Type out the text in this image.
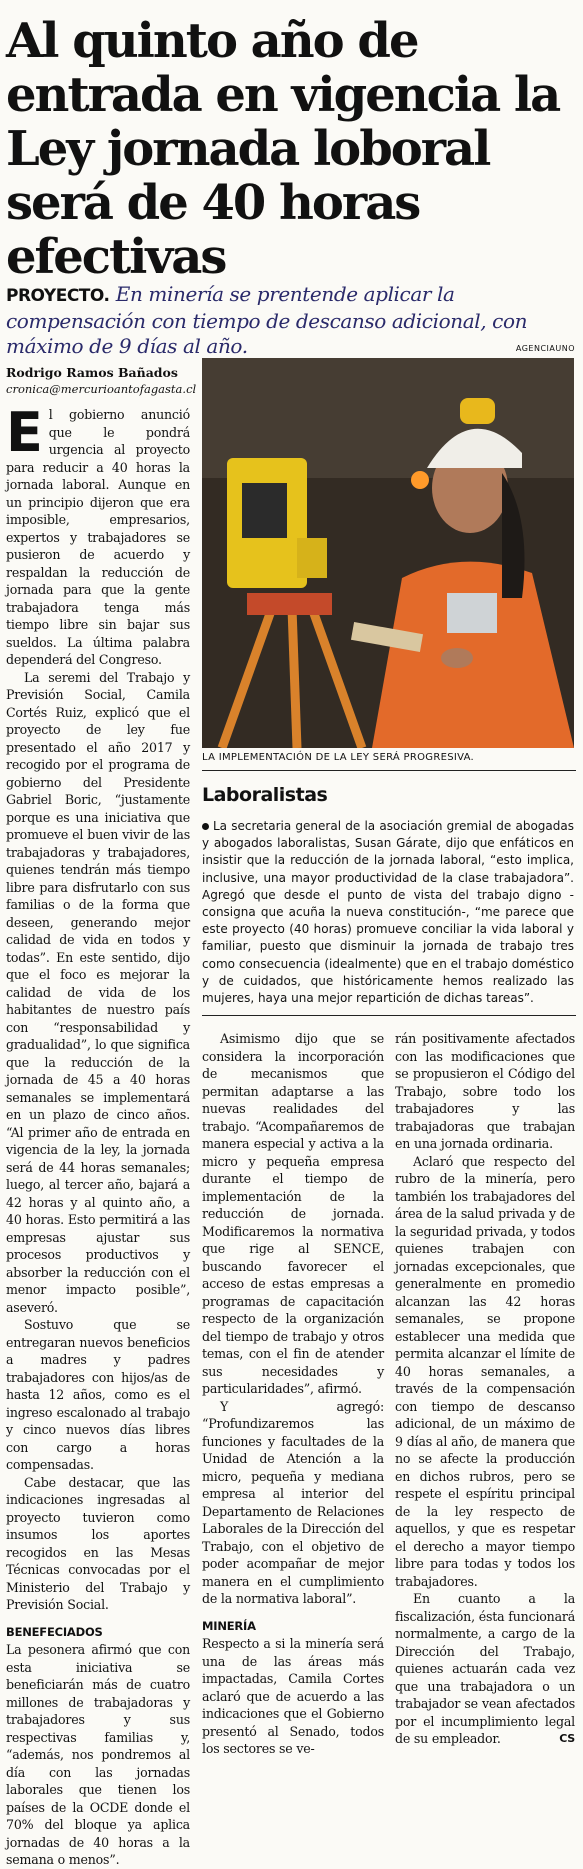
Al quinto año de entrada en vigencia la Ley jornada loboral será de 40 horas efectivas
PROYECTO. En minería se prentende aplicar la compensación con tiempo de descanso adicional, con máximo de 9 días al año.
Rodrigo Ramos Bañados
cronica@mercurioantofagasta.cl
AGENCIAUNO
LA IMPLEMENTACIÓN DE LA LEY SERÁ PROGRESIVA.
Laboralistas
La secretaria general de la asociación gremial de abogadas y abogados laboralistas, Susan Gárate, dijo que enfáticos en insistir que la reducción de la jornada laboral, “esto implica, inclusive, una mayor productividad de la clase trabajadora”. Agregó que desde el punto de vista del trabajo digno -consigna que acuña la nueva constitución-, “me parece que este proyecto (40 horas) promueve conciliar la vida laboral y familiar, puesto que disminuir la jornada de trabajo tres como consecuencia (idealmente) que en el trabajo doméstico y de cuidados, que históricamente hemos realizado las mujeres, haya una mejor repartición de dichas tareas”.

El gobierno anunció que le pondrá urgencia al proyecto para reducir a 40 horas la jornada laboral. Aunque en un principio dijeron que era imposible, empresarios, expertos y trabajadores se pusieron de acuerdo y respaldan la reducción de jornada para que la gente trabajadora tenga más tiempo libre sin bajar sus sueldos. La última palabra dependerá del Congreso.

La seremi del Trabajo y Previsión Social, Camila Cortés Ruiz, explicó que el proyecto de ley fue presentado el año 2017 y recogido por el programa de gobierno del Presidente Gabriel Boric, “justamente porque es una iniciativa que promueve el buen vivir de las trabajadoras y trabajadores, quienes tendrán más tiempo libre para disfrutarlo con sus familias o de la forma que deseen, generando mejor calidad de vida en todos y todas”. En este sentido, dijo que el foco es mejorar la calidad de vida de los habitantes de nuestro país con “responsabilidad y gradualidad”, lo que significa que la reducción de la jornada de 45 a 40 horas semanales se implementará en un plazo de cinco años. “Al primer año de entrada en vigencia de la ley, la jornada será de 44 horas semanales; luego, al tercer año, bajará a 42 horas y al quinto año, a 40 horas. Esto permitirá a las empresas ajustar sus procesos productivos y absorber la reducción con el menor impacto posible”, aseveró.

Sostuvo que se entregaran nuevos beneficios a madres y padres trabajadores con hijos/as de hasta 12 años, como es el ingreso escalonado al trabajo y cinco nuevos días libres con cargo a horas compensadas.

Cabe destacar, que las indicaciones ingresadas al proyecto tuvieron como insumos los aportes recogidos en las Mesas Técnicas convocadas por el Ministerio del Trabajo y Previsión Social.

BENEFECIADOS

La pesonera afirmó que con esta iniciativa se beneficiarán más de cuatro millones de trabajadoras y trabajadores y sus respectivas familias y, “además, nos pondremos al día con las jornadas laborales que tienen los países de la OCDE donde el 70% del bloque ya aplica jornadas de 40 horas a la semana o menos”.

Asimismo dijo que se considera la incorporación de mecanismos que permitan adaptarse a las nuevas realidades del trabajo. “Acompañaremos de manera especial y activa a la micro y pequeña empresa durante el tiempo de implementación de la reducción de jornada. Modificaremos la normativa que rige al SENCE, buscando favorecer el acceso de estas empresas a programas de capacitación respecto de la organización del tiempo de trabajo y otros temas, con el fin de atender sus necesidades y particularidades”, afirmó.

Y agregó: “Profundizaremos las funciones y facultades de la Unidad de Atención a la micro, pequeña y mediana empresa al interior del Departamento de Relaciones Laborales de la Dirección del Trabajo, con el objetivo de poder acompañar de mejor manera en el cumplimiento de la normativa laboral”.

MINERÍA

Respecto a si la minería será una de las áreas más impactadas, Camila Cortes aclaró que de acuerdo a las indicaciones que el Gobierno presentó al Senado, todos los sectores se ve-

rán positivamente afectados con las modificaciones que se propusieron el Código del Trabajo, sobre todo los trabajadores y las trabajadoras que trabajan en una jornada ordinaria.

Aclaró que respecto del rubro de la minería, pero también los trabajadores del área de la salud privada y de la seguridad privada, y todos quienes trabajen con jornadas excepcionales, que generalmente en promedio alcanzan las 42 horas semanales, se propone establecer una medida que permita alcanzar el límite de 40 horas semanales, a través de la compensación con tiempo de descanso adicional, de un máximo de 9 días al año, de manera que no se afecte la producción en dichos rubros, pero se respete el espíritu principal de la ley respecto de aquellos, y que es respetar el derecho a mayor tiempo libre para todas y todos los trabajadores.

En cuanto a la fiscalización, ésta funcionará normalmente, a cargo de la Dirección del Trabajo, quienes actuarán cada vez que una trabajadora o un trabajador se vean afectados por el incumplimiento legal de su empleador.	CS
